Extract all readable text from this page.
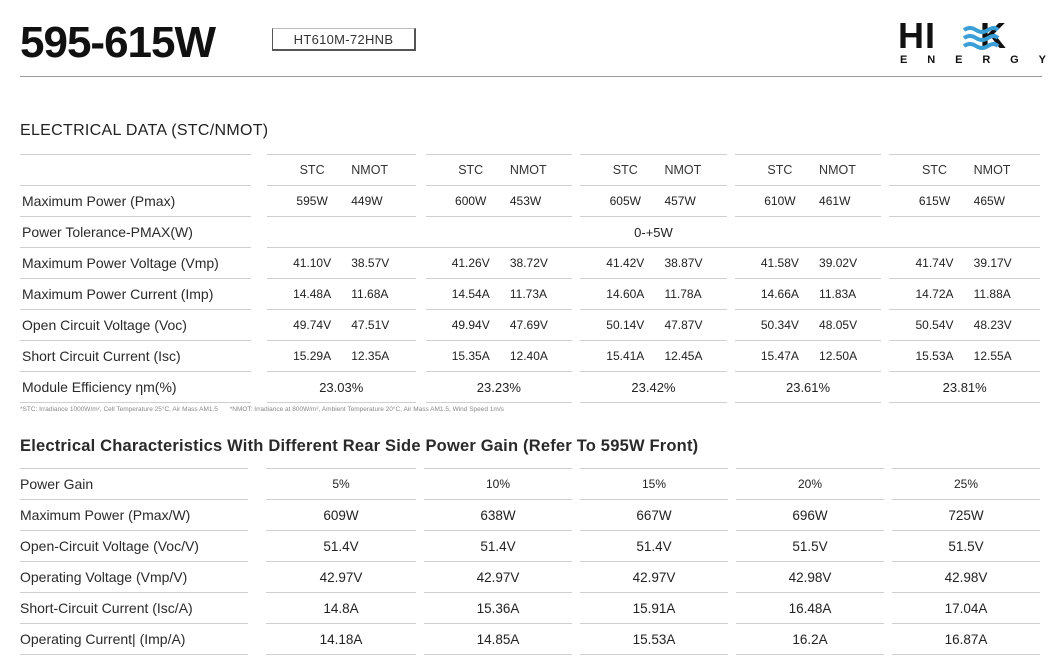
595-615W	HT610M-72HNB	HI K
E N E R G Y
ELECTRICAL DATA (STC/NMOT)
		STC	NMOT		STC	NMOT		STC	NMOT		STC	NMOT		STC	NMOT
Maximum Power (Pmax)		595W	449W		600W	453W		605W	457W		610W	461W		615W	465W
Power Tolerance-PMAX(W)		0-+5W													
Maximum Power Voltage (Vmp)		41.10V	38.57V		41.26V	38.72V		41.42V	38.87V		41.58V	39.02V		41.74V	39.17V
Maximum Power Current (Imp)		14.48A	11.68A		14.54A	11.73A		14.60A	11.78A		14.66A	11.83A		14.72A	11.88A
Open Circuit Voltage (Voc)		49.74V	47.51V		49.94V	47.69V		50.14V	47.87V		50.34V	48.05V		50.54V	48.23V
Short Circuit Current (Isc)		15.29A	12.35A		15.35A	12.40A		15.41A	12.45A		15.47A	12.50A		15.53A	12.55A
Module Efficiency ηm(%)		23.03%			23.23%			23.42%			23.61%			23.81%	
*STC: Irradiance 1000W/m², Cell Temperature 25°C, Air Mass AM1.5 *NMOT: Irradiance at 800W/m², Ambient Temperature 20°C, Air Mass AM1.5, Wind Speed 1m/s
Electrical Characteristics With Different Rear Side Power Gain (Refer To 595W Front)
Power Gain		5%		10%		15%		20%		25%
Maximum Power (Pmax/W)		609W		638W		667W		696W		725W
Open-Circuit Voltage (Voc/V)		51.4V		51.4V		51.4V		51.5V		51.5V
Operating Voltage (Vmp/V)		42.97V		42.97V		42.97V		42.98V		42.98V
Short-Circuit Current (Isc/A)		14.8A		15.36A		15.91A		16.48A		17.04A
Operating Current| (Imp/A)		14.18A		14.85A		15.53A		16.2A		16.87A
